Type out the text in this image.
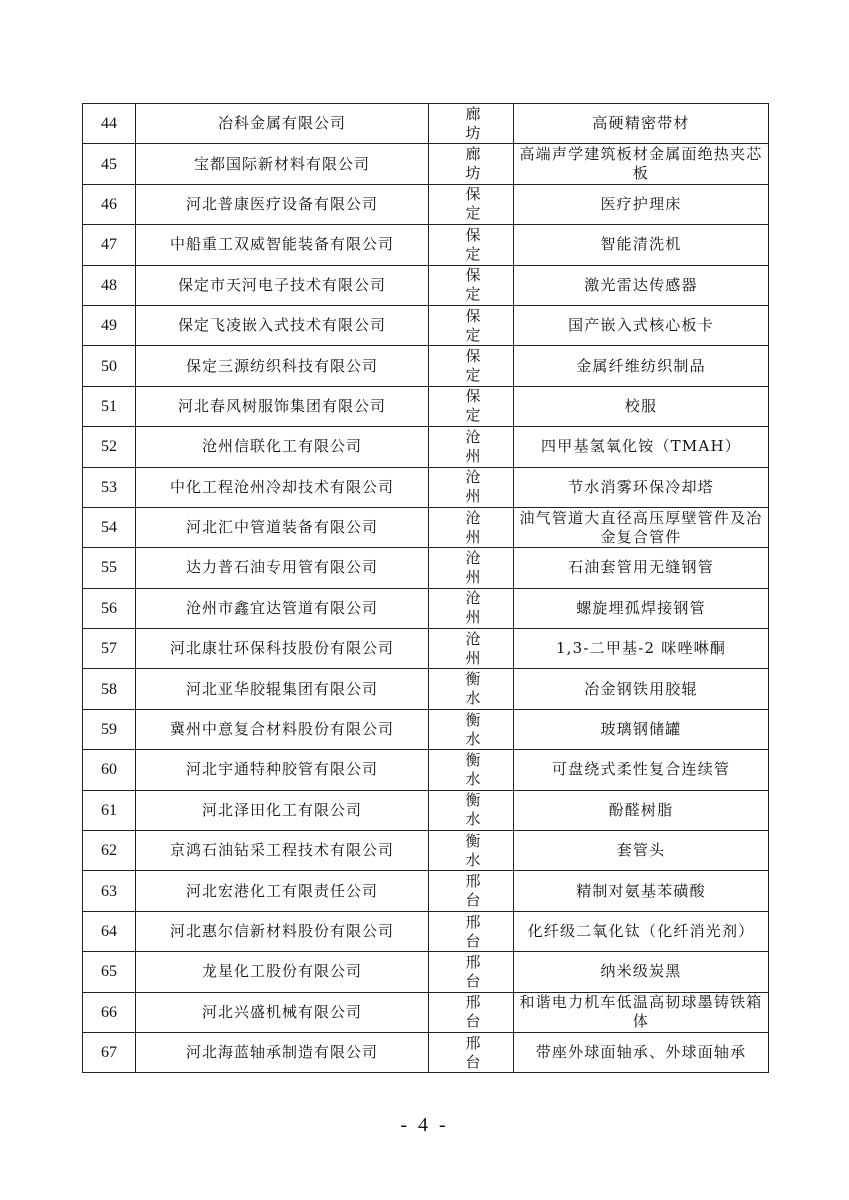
44	冶科金属有限公司	廊坊	高硬精密带材
45	宝都国际新材料有限公司	廊坊	高端声学建筑板材金属面绝热夹芯板
46	河北普康医疗设备有限公司	保定	医疗护理床
47	中船重工双威智能装备有限公司	保定	智能清洗机
48	保定市天河电子技术有限公司	保定	激光雷达传感器
49	保定飞凌嵌入式技术有限公司	保定	国产嵌入式核心板卡
50	保定三源纺织科技有限公司	保定	金属纤维纺织制品
51	河北春风树服饰集团有限公司	保定	校服
52	沧州信联化工有限公司	沧州	四甲基氢氧化铵（TMAH）
53	中化工程沧州冷却技术有限公司	沧州	节水消雾环保冷却塔
54	河北汇中管道装备有限公司	沧州	油气管道大直径高压厚壁管件及冶金复合管件
55	达力普石油专用管有限公司	沧州	石油套管用无缝钢管
56	沧州市鑫宜达管道有限公司	沧州	螺旋埋孤焊接钢管
57	河北康壮环保科技股份有限公司	沧州	1,3-二甲基-2 咪唑啉酮
58	河北亚华胶辊集团有限公司	衡水	冶金钢铁用胶辊
59	冀州中意复合材料股份有限公司	衡水	玻璃钢储罐
60	河北宇通特种胶管有限公司	衡水	可盘绕式柔性复合连续管
61	河北泽田化工有限公司	衡水	酚醛树脂
62	京鸿石油钻采工程技术有限公司	衡水	套管头
63	河北宏港化工有限责任公司	邢台	精制对氨基苯磺酸
64	河北惠尔信新材料股份有限公司	邢台	化纤级二氧化钛（化纤消光剂）
65	龙星化工股份有限公司	邢台	纳米级炭黑
66	河北兴盛机械有限公司	邢台	和谐电力机车低温高韧球墨铸铁箱体
67	河北海蓝轴承制造有限公司	邢台	带座外球面轴承、外球面轴承
- 4 -
